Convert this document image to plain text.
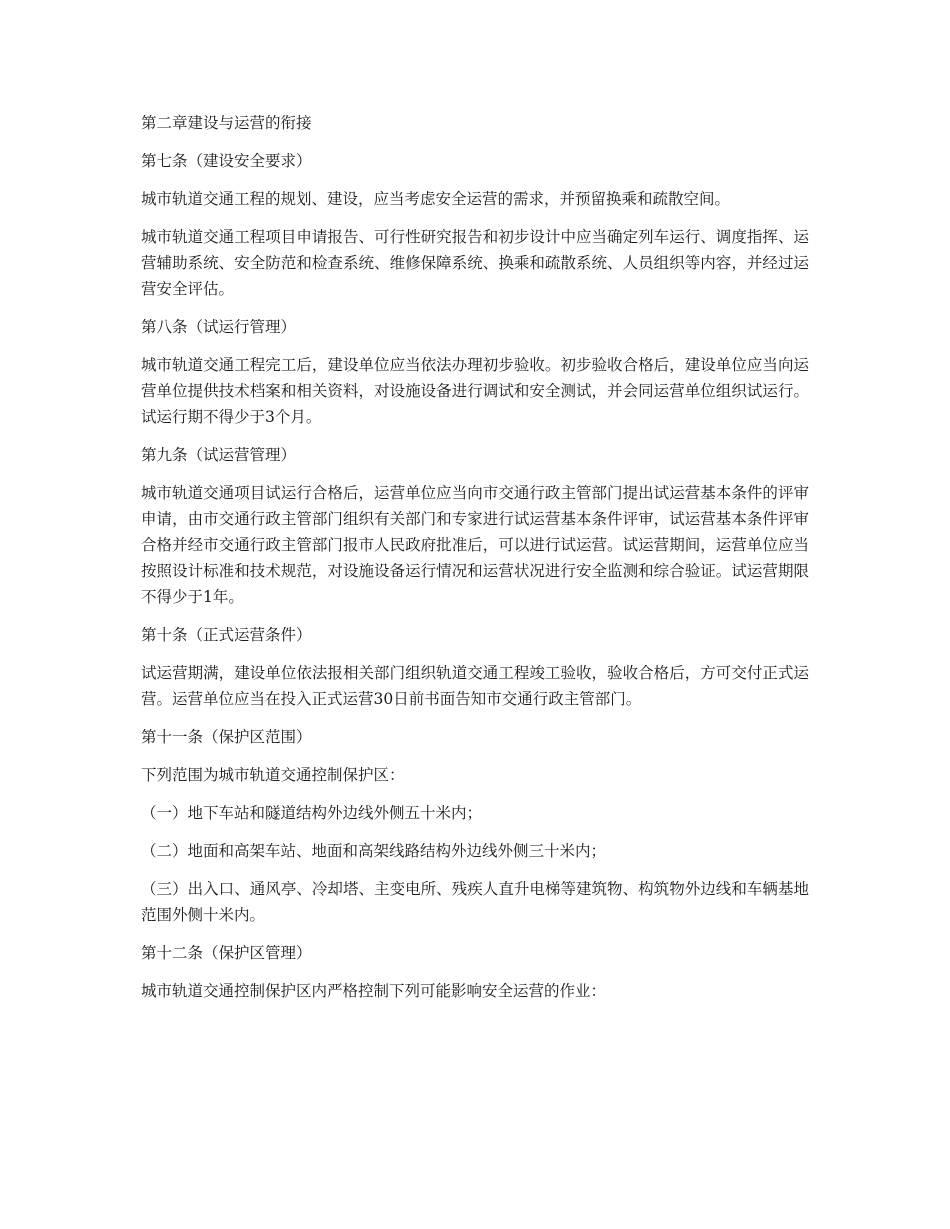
第二章建设与运营的衔接

第七条（建设安全要求）

城市轨道交通工程的规划、建设，应当考虑安全运营的需求，并预留换乘和疏散空间。

城市轨道交通工程项目申请报告、可行性研究报告和初步设计中应当确定列车运行、调度指挥、运营辅助系统、安全防范和检查系统、维修保障系统、换乘和疏散系统、人员组织等内容，并经过运营安全评估。

第八条（试运行管理）

城市轨道交通工程完工后，建设单位应当依法办理初步验收。初步验收合格后，建设单位应当向运营单位提供技术档案和相关资料，对设施设备进行调试和安全测试，并会同运营单位组织试运行。试运行期不得少于3个月。

第九条（试运营管理）

城市轨道交通项目试运行合格后，运营单位应当向市交通行政主管部门提出试运营基本条件的评审申请，由市交通行政主管部门组织有关部门和专家进行试运营基本条件评审，试运营基本条件评审合格并经市交通行政主管部门报市人民政府批准后，可以进行试运营。试运营期间，运营单位应当按照设计标准和技术规范，对设施设备运行情况和运营状况进行安全监测和综合验证。试运营期限不得少于1年。

第十条（正式运营条件）

试运营期满，建设单位依法报相关部门组织轨道交通工程竣工验收，验收合格后，方可交付正式运营。运营单位应当在投入正式运营30日前书面告知市交通行政主管部门。

第十一条（保护区范围）

下列范围为城市轨道交通控制保护区：

（一）地下车站和隧道结构外边线外侧五十米内；

（二）地面和高架车站、地面和高架线路结构外边线外侧三十米内；

（三）出入口、通风亭、冷却塔、主变电所、残疾人直升电梯等建筑物、构筑物外边线和车辆基地范围外侧十米内。

第十二条（保护区管理）

城市轨道交通控制保护区内严格控制下列可能影响安全运营的作业：
